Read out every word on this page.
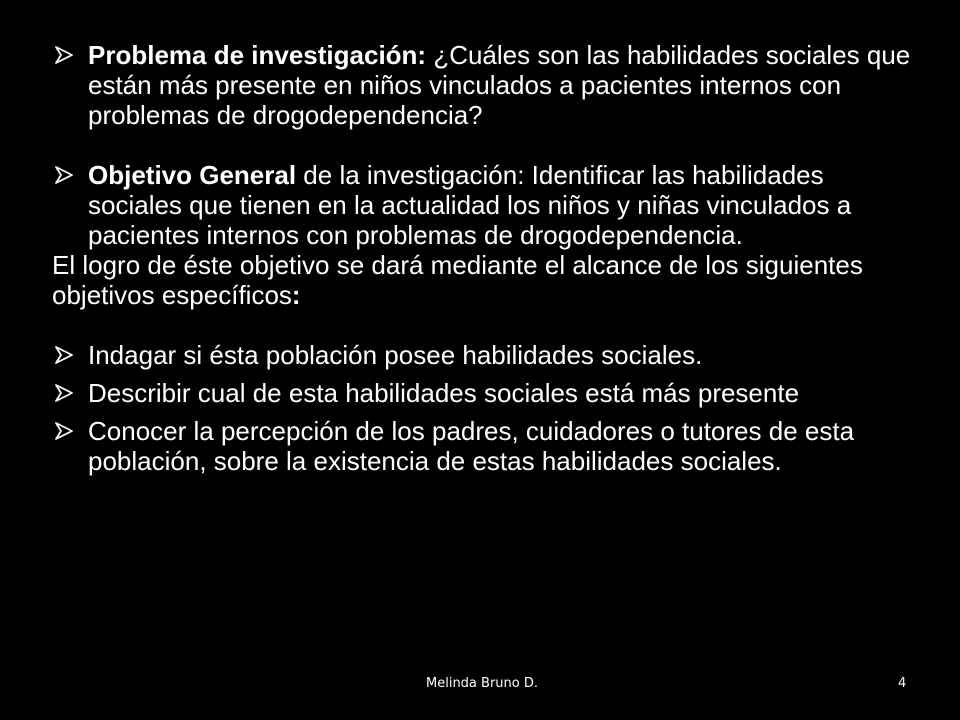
Problema de investigación: ¿Cuáles son las habilidades sociales que están más presente en niños vinculados a pacientes internos con problemas de drogodependencia?

Objetivo General de la investigación: Identificar las habilidades sociales que tienen en la actualidad los niños y niñas vinculados a pacientes internos con problemas de drogodependencia.

El logro de éste objetivo se dará mediante el alcance de los siguientes objetivos específicos:

Indagar si ésta población posee habilidades sociales.

Describir cual de esta habilidades sociales está más presente

Conocer la percepción de los padres, cuidadores o tutores de esta población, sobre la existencia de estas habilidades sociales.

Melinda Bruno D.	4
